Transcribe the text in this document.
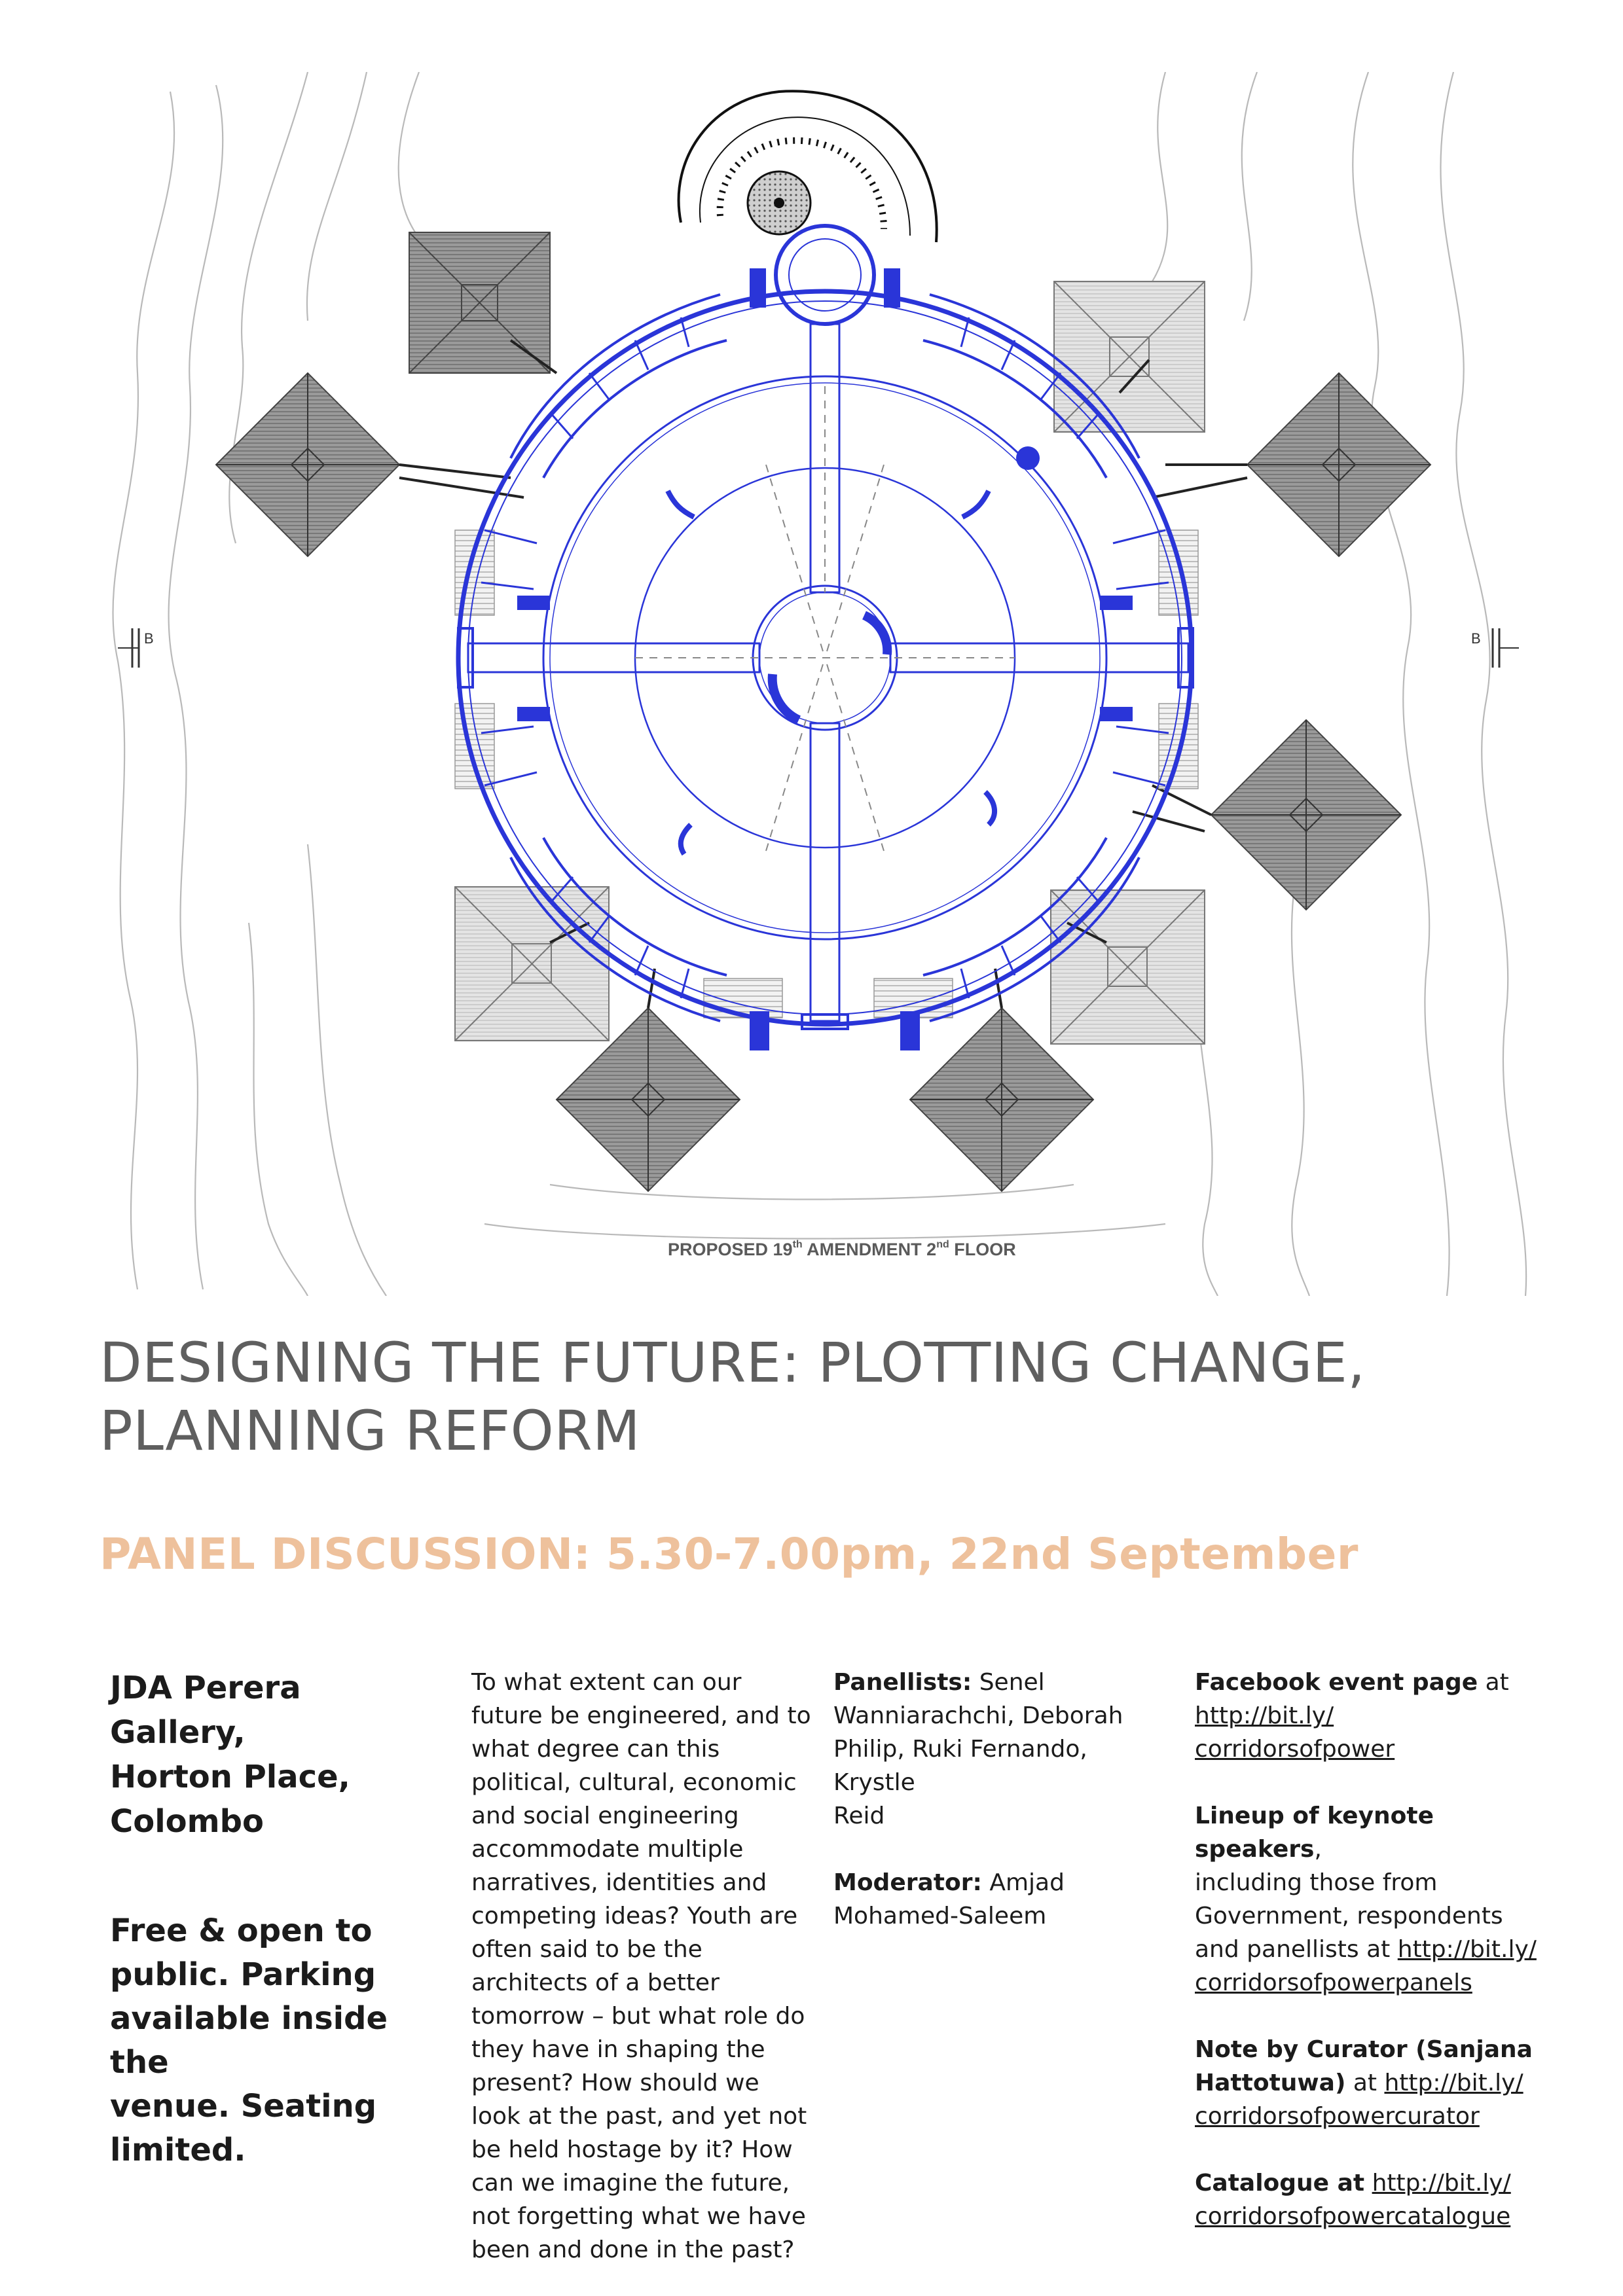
B	B
PROPOSED 19th AMENDMENT 2nd FLOOR
DESIGNING THE FUTURE: PLOTTING CHANGE,
PLANNING REFORM
PANEL DISCUSSION: 5.30-7.00pm, 22nd September
JDA Perera Gallery,
Horton Place,
Colombo
Free & open to
public. Parking
available inside the
venue. Seating
limited.
To what extent can our
future be engineered, and to
what degree can this
political, cultural, economic
and social engineering
accommodate multiple
narratives, identities and
competing ideas? Youth are
often said to be the
architects of a better
tomorrow – but what role do
they have in shaping the
present? How should we
look at the past, and yet not
be held hostage by it? How
can we imagine the future,
not forgetting what we have
been and done in the past?
Panellists: Senel
Wanniarachchi, Deborah
Philip, Ruki Fernando, Krystle
Reid
Moderator: Amjad
Mohamed-Saleem
Facebook event page at
http://bit.ly/
corridorsofpower
Lineup of keynote speakers,
including those from
Government, respondents
and panellists at http://bit.ly/
corridorsofpowerpanels
Note by Curator (Sanjana
Hattotuwa) at http://bit.ly/
corridorsofpowercurator
Catalogue at http://bit.ly/
corridorsofpowercatalogue
